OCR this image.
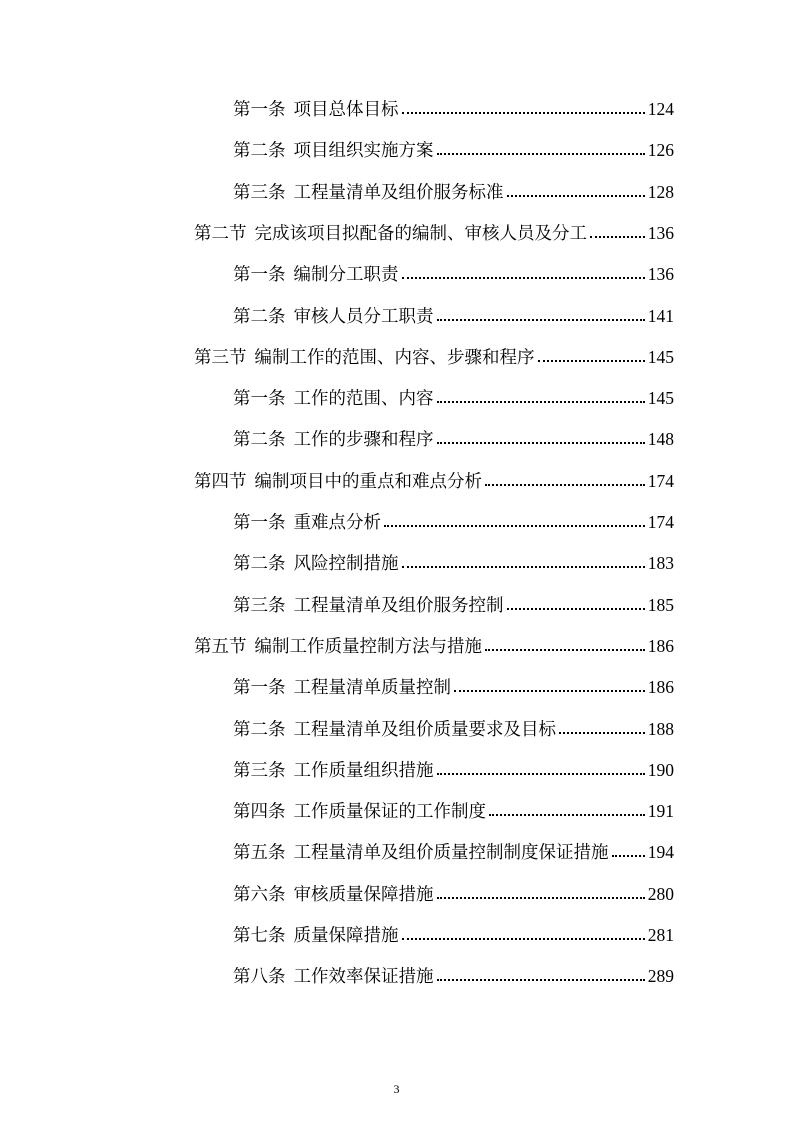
第一条 项目总体目标	124
第二条 项目组织实施方案	126
第三条 工程量清单及组价服务标准	128
第二节 完成该项目拟配备的编制、审核人员及分工	136
第一条 编制分工职责	136
第二条 审核人员分工职责	141
第三节 编制工作的范围、内容、步骤和程序	145
第一条 工作的范围、内容	145
第二条 工作的步骤和程序	148
第四节 编制项目中的重点和难点分析	174
第一条 重难点分析	174
第二条 风险控制措施	183
第三条 工程量清单及组价服务控制	185
第五节 编制工作质量控制方法与措施	186
第一条 工程量清单质量控制	186
第二条 工程量清单及组价质量要求及目标	188
第三条 工作质量组织措施	190
第四条 工作质量保证的工作制度	191
第五条 工程量清单及组价质量控制制度保证措施 194
第六条 审核质量保障措施	280
第七条 质量保障措施	281
第八条 工作效率保证措施	289
3
